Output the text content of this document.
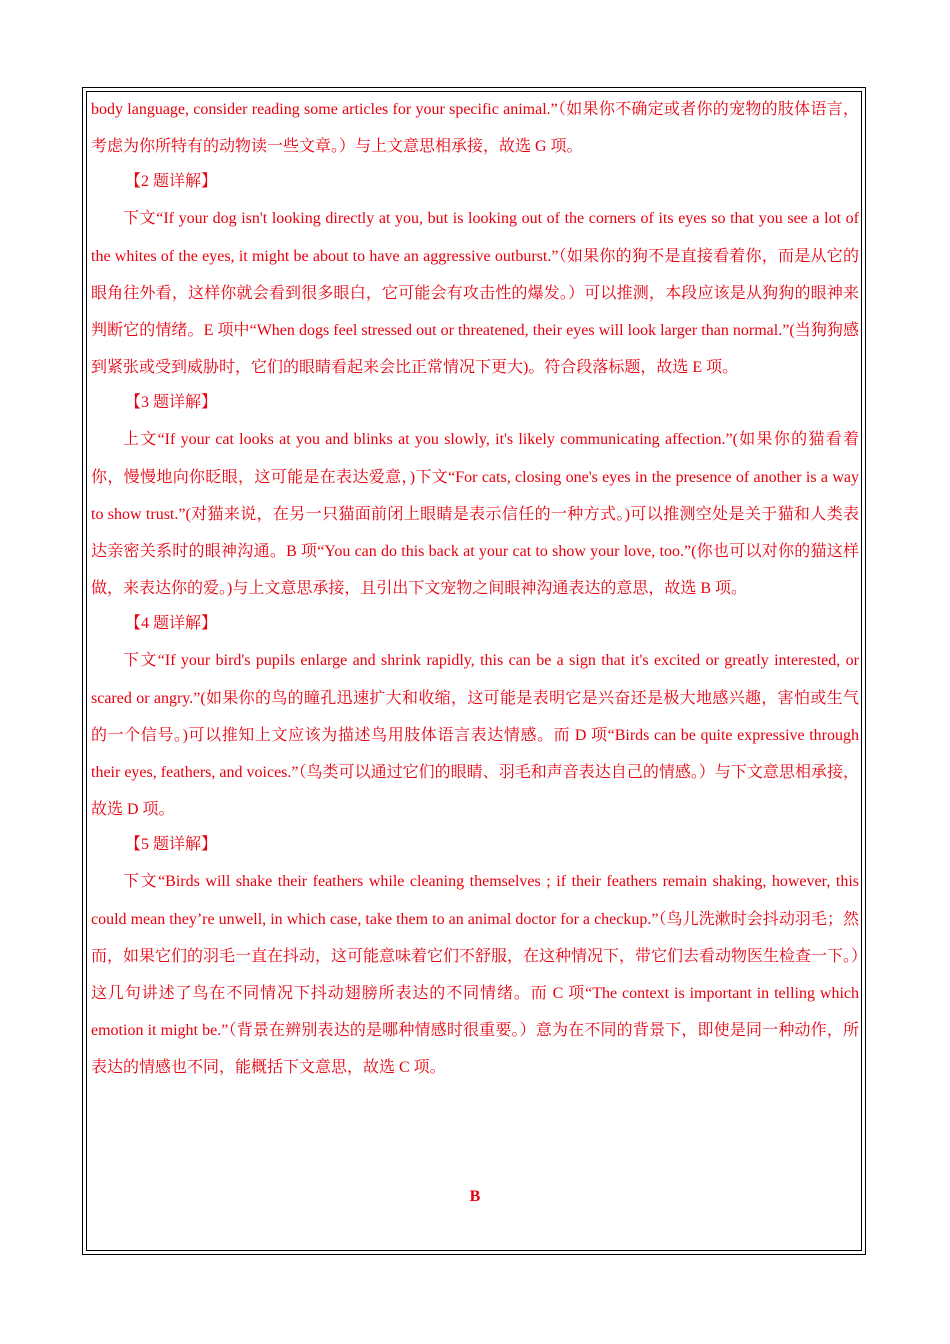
body language, consider reading some articles for your specific animal.”（如果你不确定或者你的宠物的肢体语言，考虑为你所特有的动物读一些文章。）与上文意思相承接，故选 G 项。

【2 题详解】

下文“If your dog isn't looking directly at you, but is looking out of the corners of its eyes so that you see a lot of the whites of the eyes, it might be about to have an aggressive outburst.”（如果你的狗不是直接看着你，而是从它的眼角往外看，这样你就会看到很多眼白，它可能会有攻击性的爆发。）可以推测，本段应该是从狗狗的眼神来判断它的情绪。E 项中“When dogs feel stressed out or threatened, their eyes will look larger than normal.”(当狗狗感到紧张或受到威胁时，它们的眼睛看起来会比正常情况下更大)。符合段落标题，故选 E 项。

【3 题详解】

上文“If your cat looks at you and blinks at you slowly, it's likely communicating affection.”(如果你的猫看着你，慢慢地向你眨眼，这可能是在表达爱意，)下文“For cats, closing one's eyes in the presence of another is a way to show trust.”(对猫来说，在另一只猫面前闭上眼睛是表示信任的一种方式。)可以推测空处是关于猫和人类表达亲密关系时的眼神沟通。B 项“You can do this back at your cat to show your love, too.”(你也可以对你的猫这样做，来表达你的爱。)与上文意思承接，且引出下文宠物之间眼神沟通表达的意思，故选 B 项。

【4 题详解】

下文“If your bird's pupils enlarge and shrink rapidly, this can be a sign that it's excited or greatly interested, or scared or angry.”(如果你的鸟的瞳孔迅速扩大和收缩，这可能是表明它是兴奋还是极大地感兴趣，害怕或生气的一个信号。)可以推知上文应该为描述鸟用肢体语言表达情感。而 D 项“Birds can be quite expressive through their eyes, feathers, and voices.”（鸟类可以通过它们的眼睛、羽毛和声音表达自己的情感。）与下文意思相承接，故选 D 项。

【5 题详解】

下文“Birds will shake their feathers while cleaning themselves ; if their feathers remain shaking, however, this could mean they’re unwell, in which case, take them to an animal doctor for a checkup.”（鸟儿洗漱时会抖动羽毛；然而，如果它们的羽毛一直在抖动，这可能意味着它们不舒服，在这种情况下，带它们去看动物医生检查一下。）这几句讲述了鸟在不同情况下抖动翅膀所表达的不同情绪。而 C 项“The context is important in telling which emotion it might be.”（背景在辨别表达的是哪种情感时很重要。）意为在不同的背景下，即使是同一种动作，所表达的情感也不同，能概括下文意思，故选 C 项。

B
